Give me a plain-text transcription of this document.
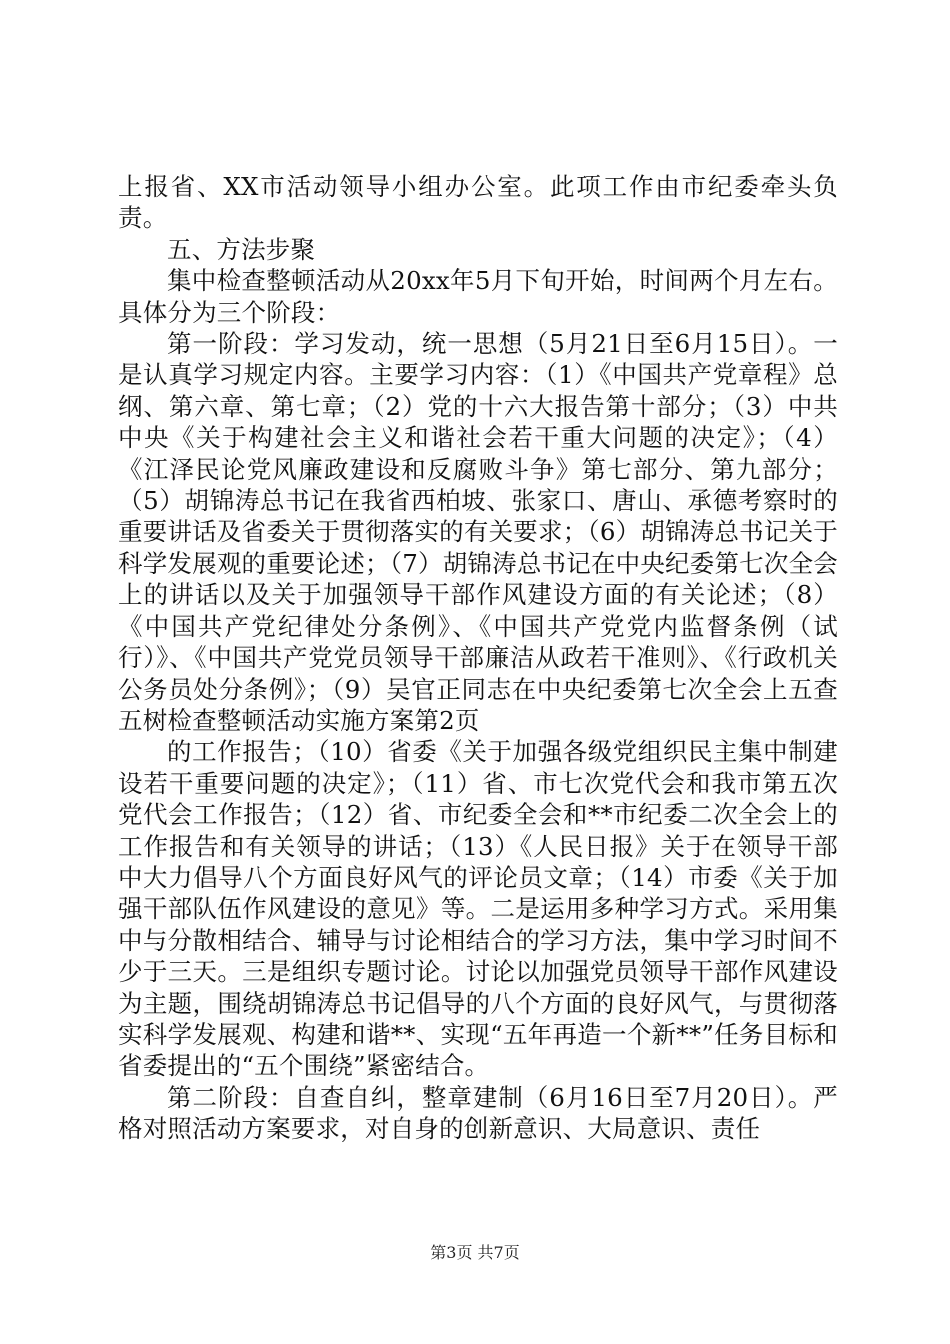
上报省、XX市活动领导小组办公室。此项工作由市纪委牵头负责。

五、方法步聚

集中检查整顿活动从20xx年5月下旬开始，时间两个月左右。具体分为三个阶段：

第一阶段：学习发动，统一思想（5月21日至6月15日）。一是认真学习规定内容。主要学习内容：（1）《中国共产党章程》总纲、第六章、第七章；（2）党的十六大报告第十部分；（3）中共中央《关于构建社会主义和谐社会若干重大问题的决定》；（4）《江泽民论党风廉政建设和反腐败斗争》第七部分、第九部分；（5）胡锦涛总书记在我省西柏坡、张家口、唐山、承德考察时的重要讲话及省委关于贯彻落实的有关要求；（6）胡锦涛总书记关于科学发展观的重要论述；（7）胡锦涛总书记在中央纪委第七次全会上的讲话以及关于加强领导干部作风建设方面的有关论述；（8）《中国共产党纪律处分条例》、《中国共产党党内监督条例（试行）》、《中国共产党党员领导干部廉洁从政若干准则》、《行政机关公务员处分条例》；（9）吴官正同志在中央纪委第七次全会上五查五树检查整顿活动实施方案第2页

的工作报告；（10）省委《关于加强各级党组织民主集中制建设若干重要问题的决定》；（11）省、市七次党代会和我市第五次党代会工作报告；（12）省、市纪委全会和**市纪委二次全会上的工作报告和有关领导的讲话；（13）《人民日报》关于在领导干部中大力倡导八个方面良好风气的评论员文章；（14）市委《关于加强干部队伍作风建设的意见》等。二是运用多种学习方式。采用集中与分散相结合、辅导与讨论相结合的学习方法，集中学习时间不少于三天。三是组织专题讨论。讨论以加强党员领导干部作风建设为主题，围绕胡锦涛总书记倡导的八个方面的良好风气，与贯彻落实科学发展观、构建和谐**、实现“五年再造一个新**”任务目标和省委提出的“五个围绕”紧密结合。

第二阶段：自查自纠，整章建制（6月16日至7月20日）。严格对照活动方案要求，对自身的创新意识、大局意识、责任

第3页 共7页
